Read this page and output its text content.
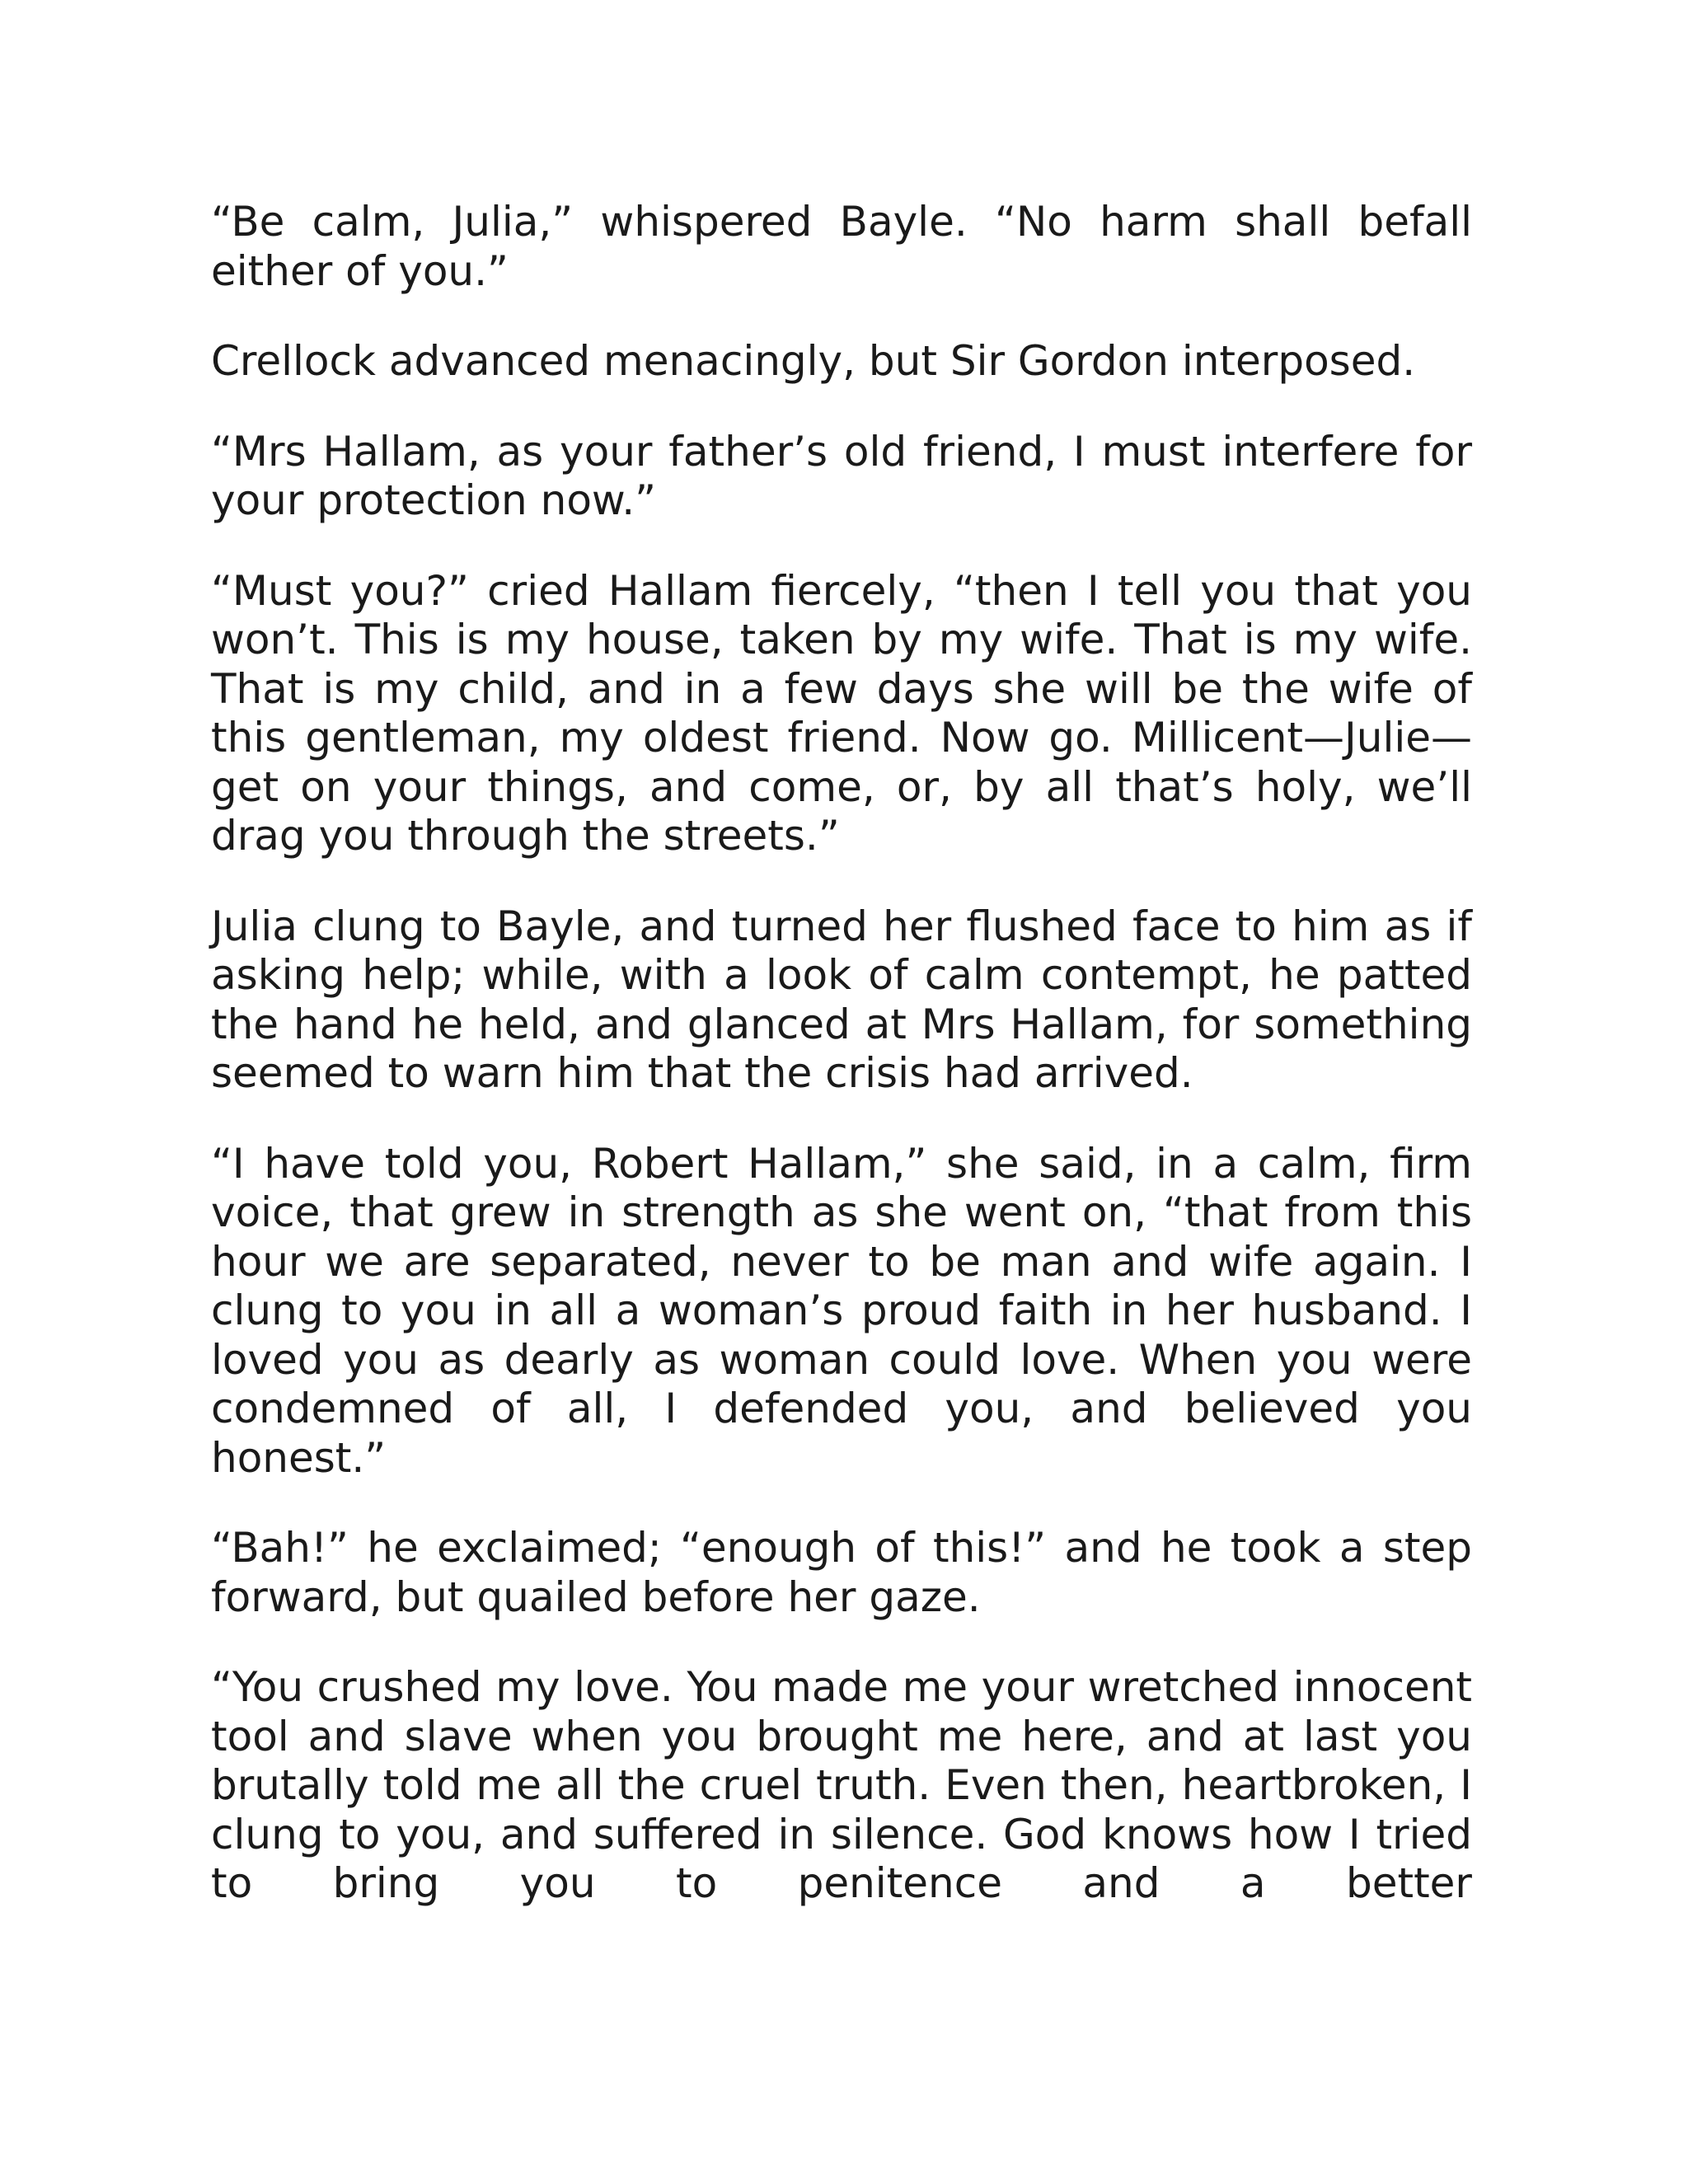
“Be calm, Julia,” whispered Bayle. “No harm shall befall either of you.”

Crellock advanced menacingly, but Sir Gordon interposed.

“Mrs Hallam, as your father’s old friend, I must interfere for your protection now.”

“Must you?” cried Hallam fiercely, “then I tell you that you won’t. This is my house, taken by my wife. That is my wife. That is my child, and in a few days she will be the wife of this gentleman, my oldest friend. Now go. Millicent—Julie—get on your things, and come, or, by all that’s holy, we’ll drag you through the streets.”

Julia clung to Bayle, and turned her flushed face to him as if asking help; while, with a look of calm contempt, he patted the hand he held, and glanced at Mrs Hallam, for something seemed to warn him that the crisis had arrived.

“I have told you, Robert Hallam,” she said, in a calm, firm voice, that grew in strength as she went on, “that from this hour we are separated, never to be man and wife again. I clung to you in all a woman’s proud faith in her husband. I loved you as dearly as woman could love. When you were condemned of all, I defended you, and believed you honest.”

“Bah!” he exclaimed; “enough of this!” and he took a step forward, but quailed before her gaze.

“You crushed my love. You made me your wretched innocent tool and slave when you brought me here, and at last you brutally told me all the cruel truth. Even then, heartbroken, I clung to you, and suffered in silence. God knows how I tried to bring you to penitence and a better
